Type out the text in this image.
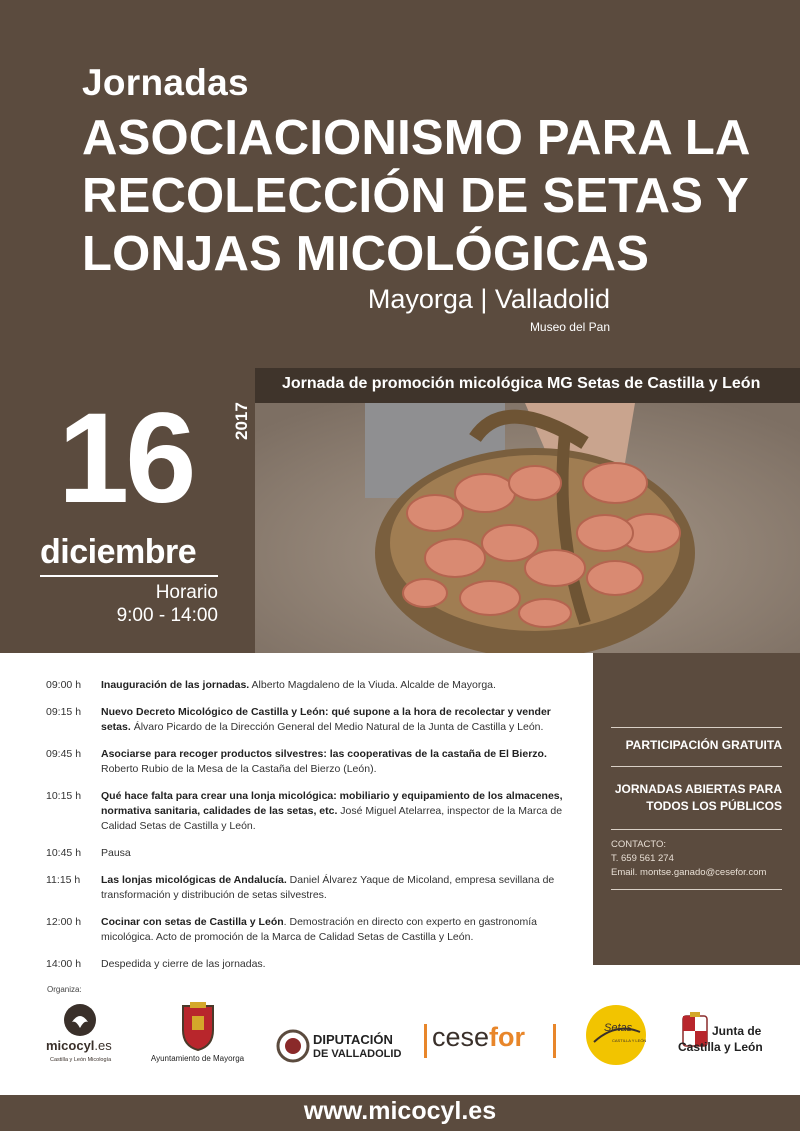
Jornadas
ASOCIACIONISMO PARA LA
RECOLECCIÓN DE SETAS Y
LONJAS MICOLÓGICAS
Mayorga | Valladolid
Museo del Pan
Jornada de promoción micológica MG Setas de Castilla y León
16 2017
diciembre
Horario
9:00 - 14:00
09:00 h	Inauguración de las jornadas. Alberto Magdaleno de la Viuda. Alcalde de Mayorga.
09:15 h	Nuevo Decreto Micológico de Castilla y León: qué supone a la hora de recolectar y vender setas. Álvaro Picardo de la Dirección General del Medio Natural de la Junta de Castilla y León.
09:45 h	Asociarse para recoger productos silvestres: las cooperativas de la castaña de El Bierzo. Roberto Rubio de la Mesa de la Castaña del Bierzo (León).
10:15 h	Qué hace falta para crear una lonja micológica: mobiliario y equipamiento de los almacenes, normativa sanitaria, calidades de las setas, etc. José Miguel Atelarrea, inspector de la Marca de Calidad Setas de Castilla y León.
10:45 h	Pausa
11:15 h	Las lonjas micológicas de Andalucía. Daniel Álvarez Yaque de Micoland, empresa sevillana de transformación y distribución de setas silvestres.
12:00 h	Cocinar con setas de Castilla y León. Demostración en directo con experto en gastronomía micológica. Acto de promoción de la Marca de Calidad Setas de Castilla y León.
14:00 h	Despedida y cierre de las jornadas.
PARTICIPACIÓN GRATUITA
JORNADAS ABIERTAS PARA
TODOS LOS PÚBLICOS
CONTACTO:
T. 659 561 274
Email. montse.ganado@cesefor.com
Organiza:
micocyl.es
Castilla y León Micología	Ayuntamiento de Mayorga
DIPUTACIÓN
DE VALLADOLID
cesefor	Setas
CASTILLA Y LEÓN
Junta de
Castilla y León
www.micocyl.es
